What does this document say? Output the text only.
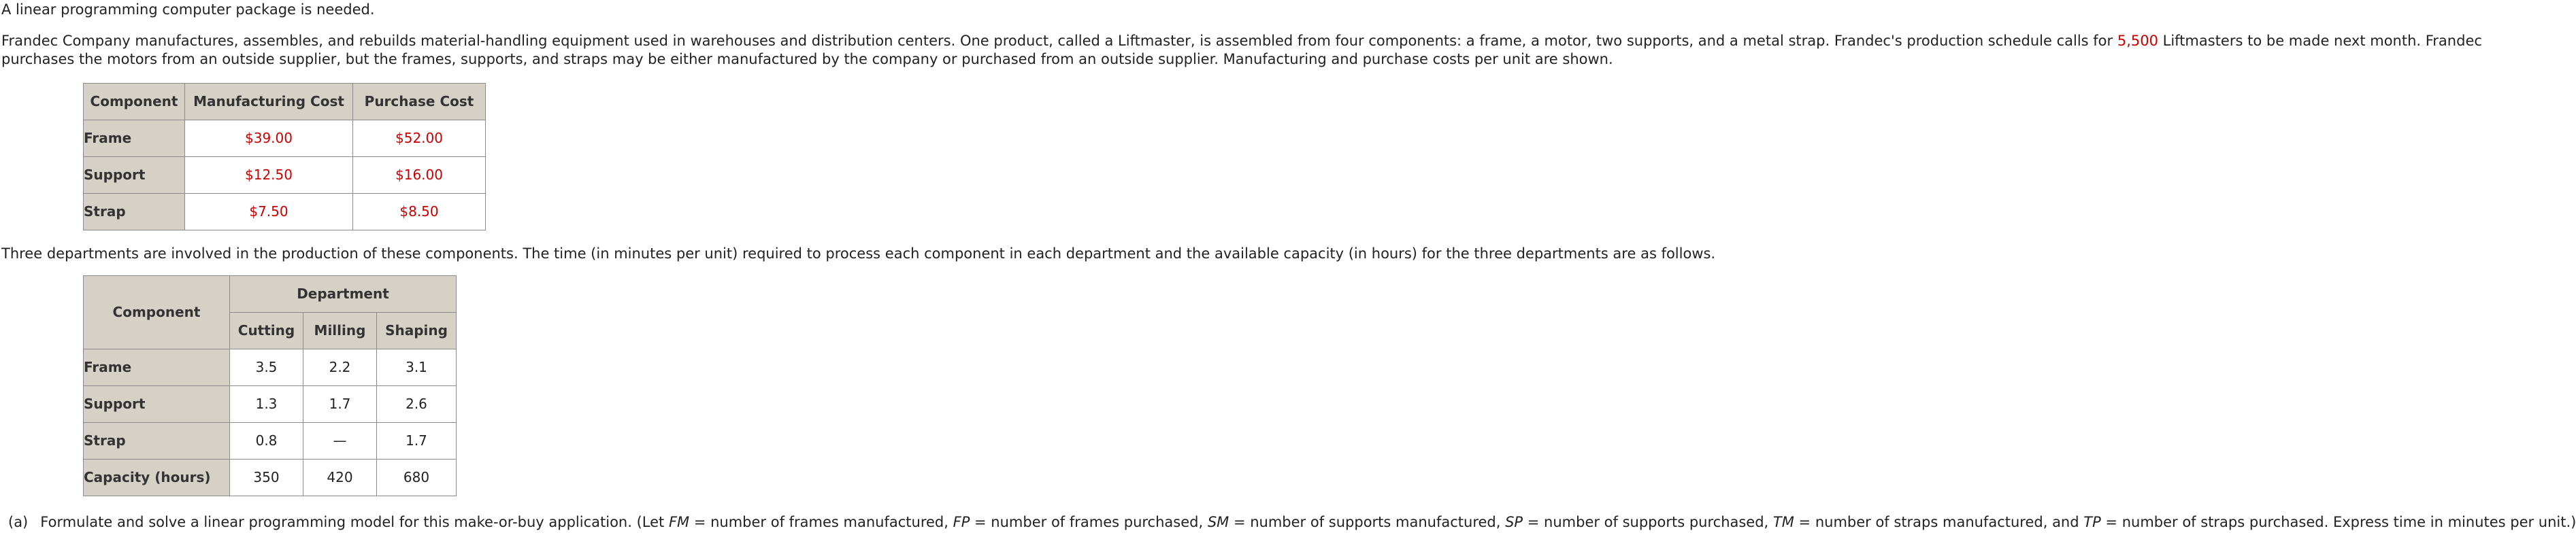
A linear programming computer package is needed.
Frandec Company manufactures, assembles, and rebuilds material-handling equipment used in warehouses and distribution centers. One product, called a Liftmaster, is assembled from four components: a frame, a motor, two supports, and a metal strap. Frandec's production schedule calls for 5,500 Liftmasters to be made next month. Frandec purchases the motors from an outside supplier, but the frames, supports, and straps may be either manufactured by the company or purchased from an outside supplier. Manufacturing and purchase costs per unit are shown.
Component	Manufacturing Cost	Purchase Cost
Frame	$39.00	$52.00
Support	$12.50	$16.00
Strap	$7.50	$8.50
Three departments are involved in the production of these components. The time (in minutes per unit) required to process each component in each department and the available capacity (in hours) for the three departments are as follows.
Component	Department		
	Cutting	Milling	Shaping
Frame	3.5	2.2	3.1
Support	1.3	1.7	2.6
Strap	0.8	—	1.7
Capacity (hours)	350	420	680
(a) Formulate and solve a linear programming model for this make-or-buy application. (Let FM = number of frames manufactured, FP = number of frames purchased, SM = number of supports manufactured, SP = number of supports purchased, TM = number of straps manufactured, and TP = number of straps purchased. Express time in minutes per unit.)
